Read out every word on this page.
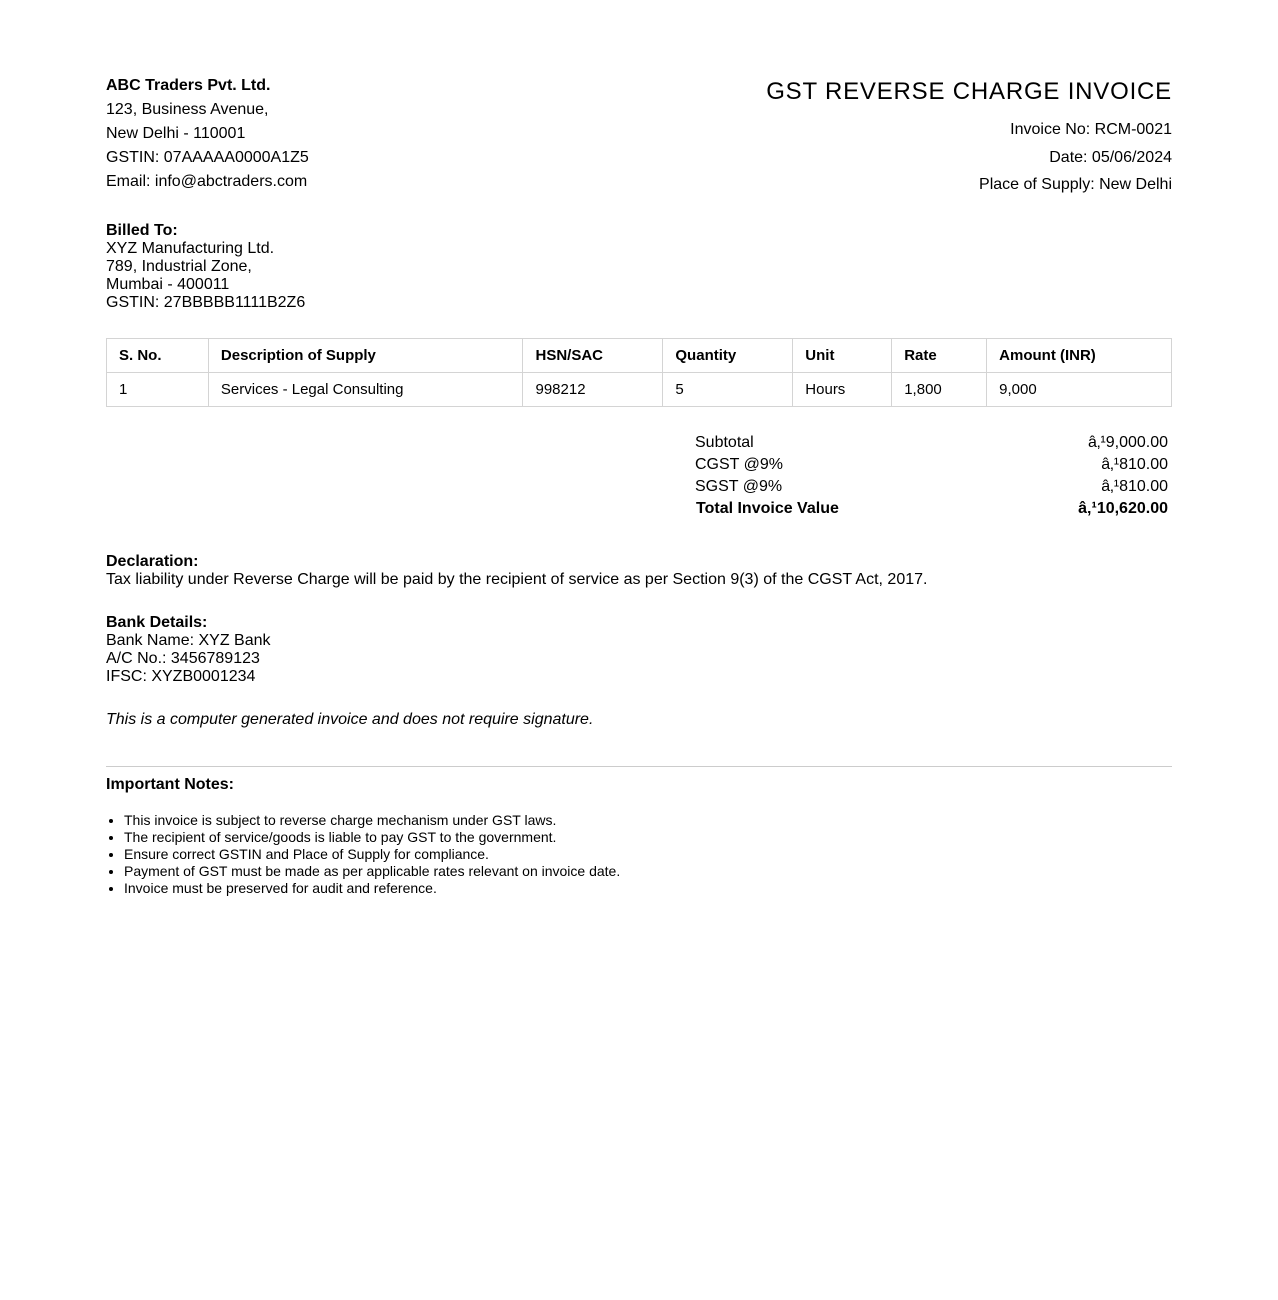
ABC Traders Pvt. Ltd.
123, Business Avenue,
New Delhi - 110001
GSTIN: 07AAAAA0000A1Z5
Email: info@abctraders.com
GST REVERSE CHARGE INVOICE
Invoice No: RCM-0021
Date: 05/06/2024
Place of Supply: New Delhi
Billed To:
XYZ Manufacturing Ltd.
789, Industrial Zone,
Mumbai - 400011
GSTIN: 27BBBBB1111B2Z6
S. No.	Description of Supply	HSN/SAC	Quantity	Unit	Rate	Amount (INR)
1	Services - Legal Consulting	998212	5	Hours	1,800	9,000
Subtotal	â‚¹9,000.00
CGST @9%	â‚¹810.00
SGST @9%	â‚¹810.00
Total Invoice Value	â‚¹10,620.00
Declaration:
Tax liability under Reverse Charge will be paid by the recipient of service as per Section 9(3) of the CGST Act, 2017.
Bank Details:
Bank Name: XYZ Bank
A/C No.: 3456789123
IFSC: XYZB0001234
This is a computer generated invoice and does not require signature.
Important Notes:
• This invoice is subject to reverse charge mechanism under GST laws.
• The recipient of service/goods is liable to pay GST to the government.
• Ensure correct GSTIN and Place of Supply for compliance.
• Payment of GST must be made as per applicable rates relevant on invoice date.
• Invoice must be preserved for audit and reference.
